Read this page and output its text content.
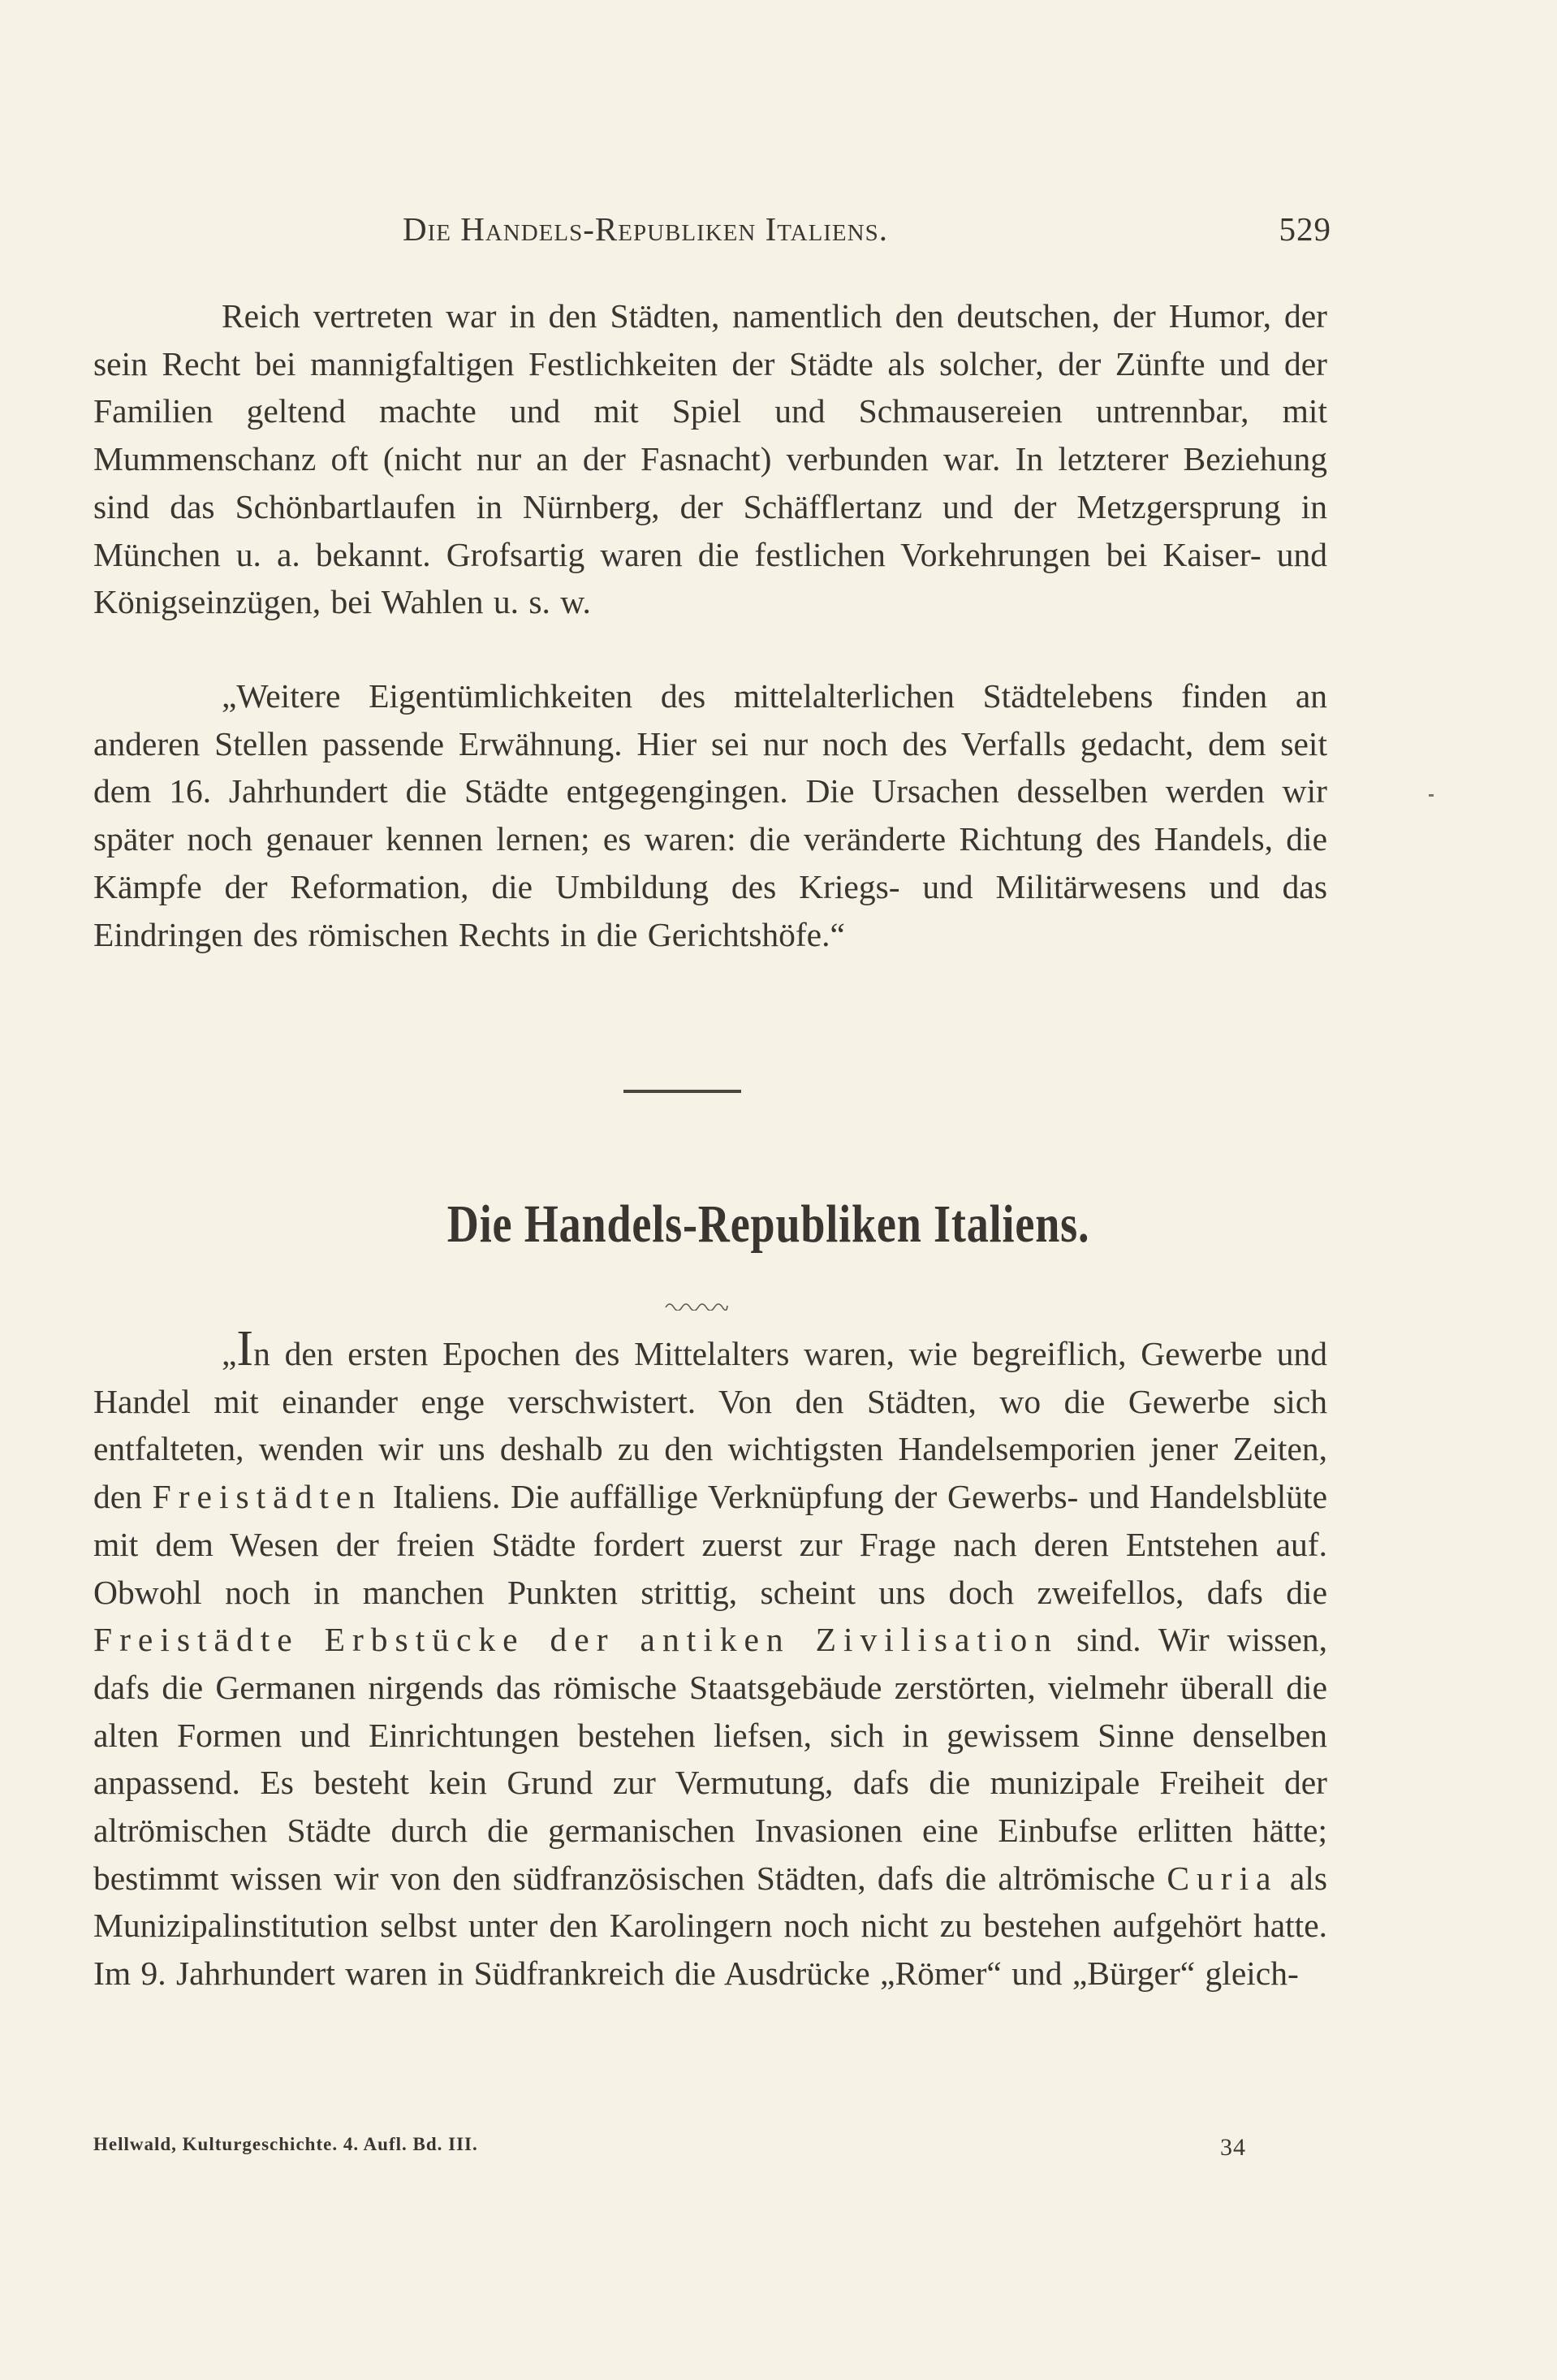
Die Handels-Republiken Italiens.	529
Reich vertreten war in den Städten, namentlich den deutschen, der Humor, der sein Recht bei mannigfaltigen Festlichkeiten der Städte als solcher, der Zünfte und der Familien geltend machte und mit Spiel und Schmausereien untrennbar, mit Mummenschanz oft (nicht nur an der Fasnacht) verbunden war. In letzterer Beziehung sind das Schönbartlaufen in Nürnberg, der Schäfflertanz und der Metzgersprung in München u. a. bekannt. Grofsartig waren die festlichen Vorkehrungen bei Kaiser- und Königseinzügen, bei Wahlen u. s. w.
„Weitere Eigentümlichkeiten des mittelalterlichen Städtelebens finden an anderen Stellen passende Erwähnung. Hier sei nur noch des Verfalls gedacht, dem seit dem 16. Jahrhundert die Städte entgegengingen. Die Ursachen desselben werden wir später noch genauer kennen lernen; es waren: die veränderte Richtung des Handels, die Kämpfe der Reformation, die Umbildung des Kriegs- und Militärwesens und das Eindringen des römischen Rechts in die Gerichtshöfe.“
Die Handels-Republiken Italiens.
„In den ersten Epochen des Mittelalters waren, wie begreiflich, Gewerbe und Handel mit einander enge verschwistert. Von den Städten, wo die Gewerbe sich entfalteten, wenden wir uns deshalb zu den wichtigsten Handelsemporien jener Zeiten, den Freistädten Italiens. Die auffällige Verknüpfung der Gewerbs- und Handelsblüte mit dem Wesen der freien Städte fordert zuerst zur Frage nach deren Entstehen auf. Obwohl noch in manchen Punkten strittig, scheint uns doch zweifellos, dafs die Freistädte Erbstücke der antiken Zivilisation sind. Wir wissen, dafs die Germanen nirgends das römische Staatsgebäude zerstörten, vielmehr überall die alten Formen und Einrichtungen bestehen liefsen, sich in gewissem Sinne denselben anpassend. Es besteht kein Grund zur Vermutung, dafs die munizipale Freiheit der altrömischen Städte durch die germanischen Invasionen eine Einbufse erlitten hätte; bestimmt wissen wir von den südfranzösischen Städten, dafs die altrömische Curia als Munizipalinstitution selbst unter den Karolingern noch nicht zu bestehen aufgehört hatte. Im 9. Jahrhundert waren in Südfrankreich die Ausdrücke „Römer“ und „Bürger“ gleich-
Hellwald, Kulturgeschichte. 4. Aufl. Bd. III.	34
